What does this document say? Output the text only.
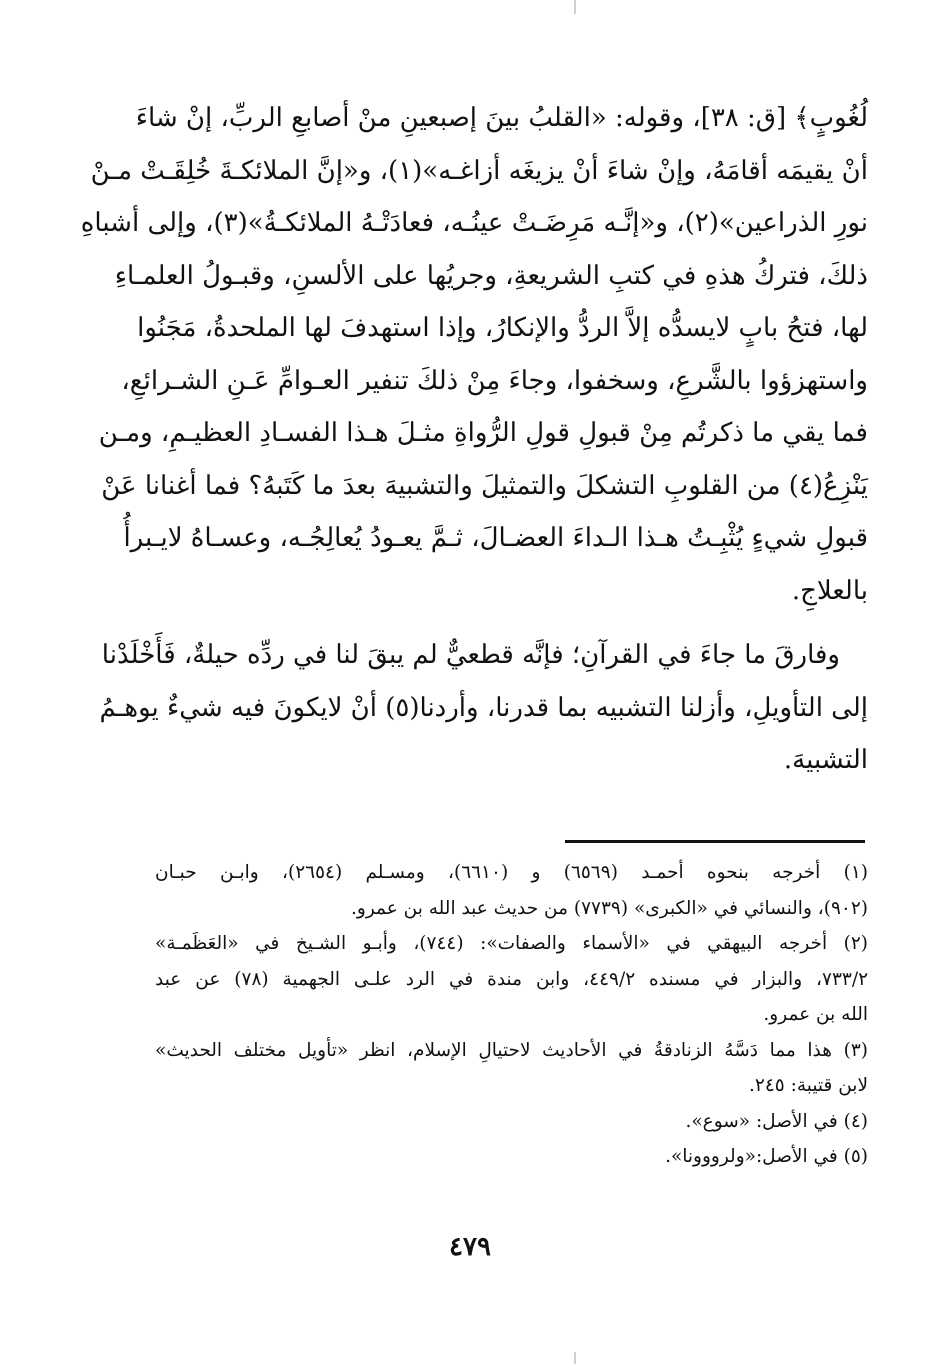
لُغُوبٍ﴾ [ق: ٣٨]، وقوله: «القلبُ بينَ إصبعينِ منْ أصابعِ الربِّ، إنْ شاءَ
أنْ يقيمَه أقامَهُ، وإنْ شاءَ أنْ يزيغَه أزاغـه»(١)، و«إنَّ الملائكـةَ خُلِقَـتْ مـنْ
نورِ الذراعين»(٢)، و«إنَّـه مَرِضَـتْ عينُـه، فعادَتْـهُ الملائكـةُ»(٣)، وإلى أشباهِ
ذلكَ، فتركُ هذهِ في كتبِ الشريعةِ، وجريُها على الألسنِ، وقبـولُ العلمـاءِ
لها، فتحُ بابٍ لايسدُّه إلاَّ الردُّ والإنكارُ، وإذا استهدفَ لها الملحدةُ، مَجَنُوا
واستهزؤوا بالشَّرعِ، وسخفوا، وجاءَ مِنْ ذلكَ تنفير العـوامِّ عَـنِ الشـرائعِ،
فما يقي ما ذكرتُم مِنْ قبولِ قولِ الرُّواةِ مثـلَ هـذا الفسـادِ العظيـمِ، ومـن
يَنْزِعُ(٤) من القلوبِ التشكلَ والتمثيلَ والتشبيهَ بعدَ ما كَتَبهُ؟ فما أغنانا عَنْ
قبولِ شيءٍ يُثْبِـتُ هـذا الـداءَ العضـالَ، ثـمَّ يعـودُ يُعالِجُـه، وعسـاهُ لايـبرأُ
بالعلاجِ.
وفارقَ ما جاءَ في القرآنِ؛ فإنَّه قطعيٌّ لم يبقَ لنا في ردِّه حيلةٌ، فَأَخْلَدْنا
إلى التأويلِ، وأزلنا التشبيه بما قدرنا، وأردنا(٥) أنْ لايكونَ فيه شيءٌ يوهـمُ
التشبيهَ.
(١) أخرجه بنحوه أحمـد (٦٥٦٩) و (٦٦١٠)، ومسـلم (٢٦٥٤)، وابـن حبـان
(٩٠٢)، والنسائي في «الكبرى» (٧٧٣٩) من حديث عبد الله بن عمرو.
(٢) أخرجه البيهقي في «الأسماء والصفات»: (٧٤٤)، وأبـو الشـيخ في «العَظَمـة»
٧٣٣/٢، والبزار في مسنده ٤٤٩/٢، وابن مندة في الرد علـى الجهمية (٧٨) عن عبد
الله بن عمرو.
(٣) هذا مما دَسَّهُ الزنادقةُ في الأحاديث لاحتيالِ الإسلام، انظر «تأويل مختلف الحديث»
لابن قتيبة: ٢٤٥.
(٤) في الأصل: «سوع».
(٥) في الأصل:«ولرووونا».
٤٧٩
